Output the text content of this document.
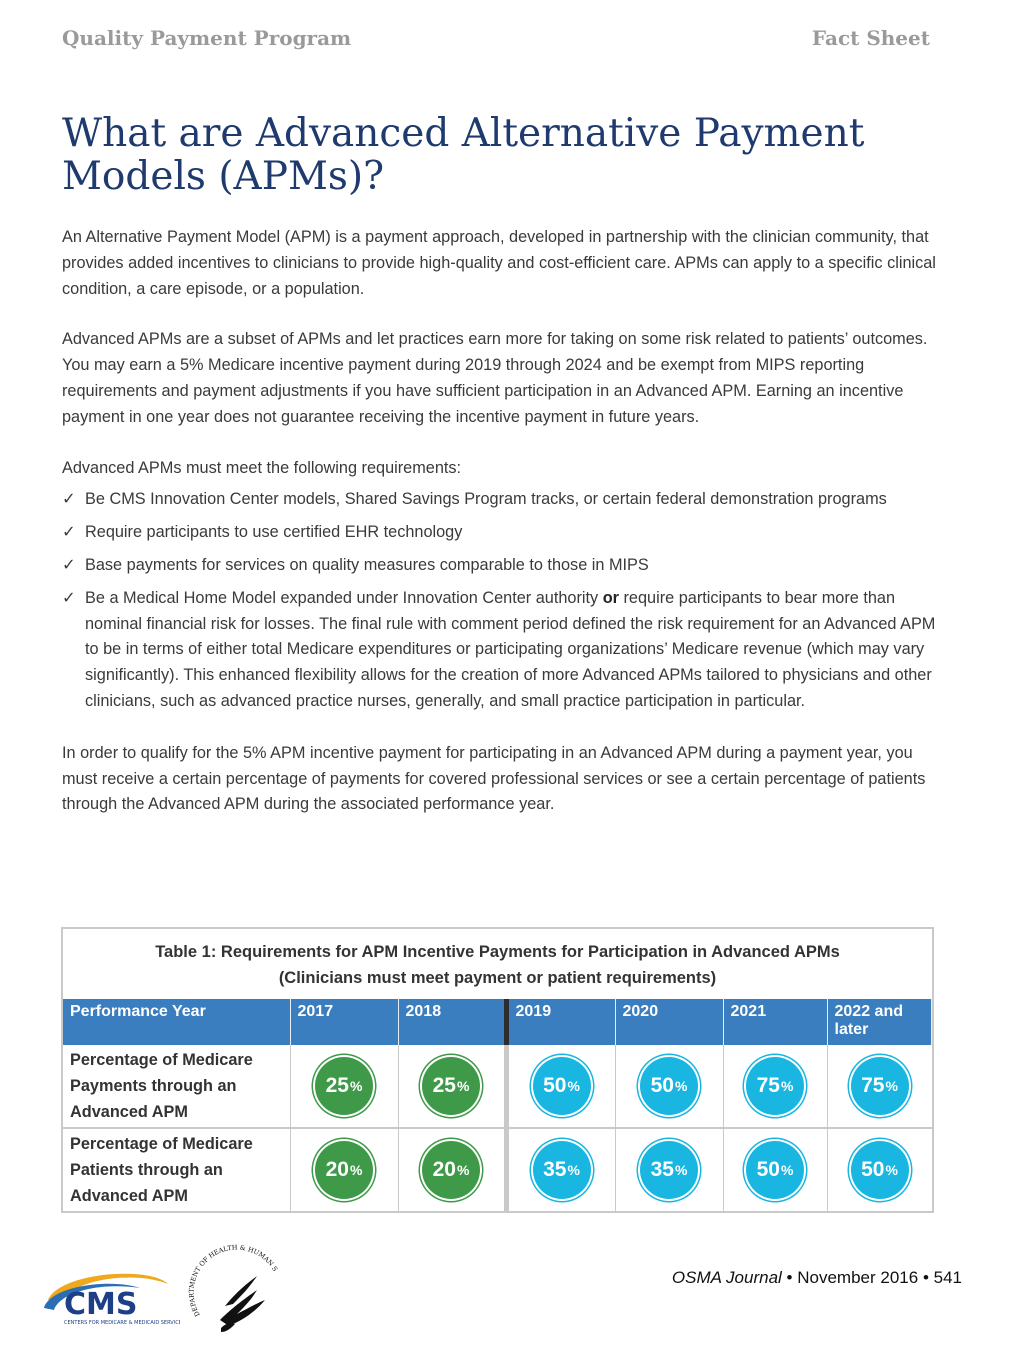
Quality Payment Program	Fact Sheet
What are Advanced Alternative Payment Models (APMs)?

An Alternative Payment Model (APM) is a payment approach, developed in partnership with the clinician community, that provides added incentives to clinicians to provide high-quality and cost-efficient care. APMs can apply to a specific clinical condition, a care episode, or a population.

Advanced APMs are a subset of APMs and let practices earn more for taking on some risk related to patients’ outcomes. You may earn a 5% Medicare incentive payment during 2019 through 2024 and be exempt from MIPS reporting requirements and payment adjustments if you have sufficient participation in an Advanced APM. Earning an incentive payment in one year does not guarantee receiving the incentive payment in future years.

Advanced APMs must meet the following requirements:

✓ Be CMS Innovation Center models, Shared Savings Program tracks, or certain federal demonstration programs
✓ Require participants to use certified EHR technology
✓ Base payments for services on quality measures comparable to those in MIPS
✓ Be a Medical Home Model expanded under Innovation Center authority or require participants to bear more than nominal financial risk for losses. The final rule with comment period defined the risk requirement for an Advanced APM to be in terms of either total Medicare expenditures or participating organizations’ Medicare revenue (which may vary significantly). This enhanced flexibility allows for the creation of more Advanced APMs tailored to physicians and other clinicians, such as advanced practice nurses, generally, and small practice participation in particular.

In order to qualify for the 5% APM incentive payment for participating in an Advanced APM during a payment year, you must receive a certain percentage of payments for covered professional services or see a certain percentage of patients through the Advanced APM during the associated performance year.

Table 1: Requirements for APM Incentive Payments for Participation in Advanced APMs
(Clinicians must meet payment or patient requirements)
Performance Year	2017	2018	2019	2020	2021	2022 and later
Percentage of Medicare Payments through an Advanced APM	25 %	25 %	50 %	50 %	75 %	75 %

Percentage of Medicare Patients through an Advanced APM	20 %	20 %	35 %	35 %	50 %	50 %
CMS
CENTERS FOR MEDICARE & MEDICAID SERVICES
DEPARTMENT OF HEALTH & HUMAN S	OSMA Journal • November 2016 • 541
